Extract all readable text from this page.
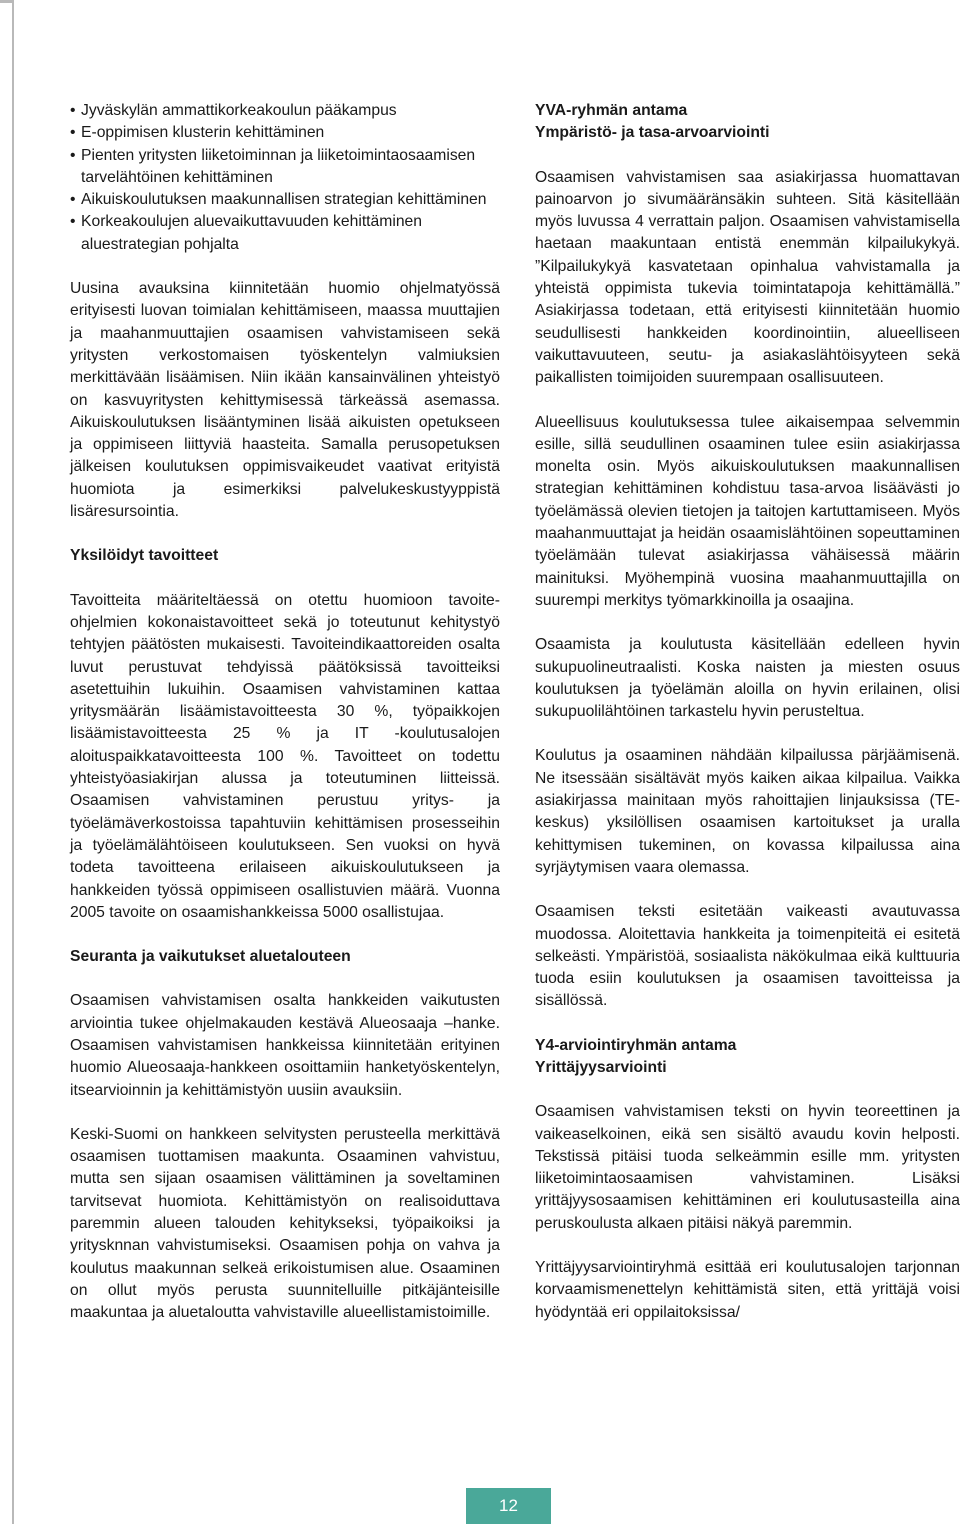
• Jyväskylän ammattikorkeakoulun pääkampus
• E-oppimisen klusterin kehittäminen
• Pienten yritysten liiketoiminnan ja liiketoimintaosaamisen tarvelähtöinen kehittäminen
• Aikuiskoulutuksen maakunnallisen strategian kehittäminen
• Korkeakoulujen aluevaikuttavuuden kehittäminen aluestrategian pohjalta

Uusina avauksina kiinnitetään huomio ohjelmatyössä erityisesti luovan toimialan kehittämiseen, maassa muuttajien ja maahanmuuttajien osaamisen vahvistamiseen sekä yritysten verkostomaisen työskentelyn valmiuksien merkittävään lisäämisen. Niin ikään kansainvälinen yhteistyö on kasvuyritysten kehittymisessä tärkeässä asemassa. Aikuiskoulutuksen lisääntyminen lisää aikuisten opetukseen ja oppimiseen liittyviä haasteita. Samalla perusopetuksen jälkeisen koulutuksen oppimisvaikeudet vaativat erityistä huomiota ja esimerkiksi palvelukeskustyyppistä lisäresursointia.

Yksilöidyt tavoitteet

Tavoitteita määriteltäessä on otettu huomioon tavoite-ohjelmien kokonaistavoitteet sekä jo toteutunut kehitystyö tehtyjen päätösten mukaisesti. Tavoiteindikaattoreiden osalta luvut perustuvat tehdyissä päätöksissä tavoitteiksi asetettuihin lukuihin. Osaamisen vahvistaminen kattaa yritysmäärän lisäämistavoitteesta 30 %, työpaikkojen lisäämistavoitteesta 25 % ja IT -koulutusalojen aloituspaikkatavoitteesta 100 %. Tavoitteet on todettu yhteistyöasiakirjan alussa ja toteutuminen liitteissä. Osaamisen vahvistaminen perustuu yritys- ja työelämäverkostoissa tapahtuviin kehittämisen prosesseihin ja työelämälähtöiseen koulutukseen. Sen vuoksi on hyvä todeta tavoitteena erilaiseen aikuiskoulutukseen ja hankkeiden työssä oppimiseen osallistuvien määrä. Vuonna 2005 tavoite on osaamishankkeissa 5000 osallistujaa.

Seuranta ja vaikutukset aluetalouteen

Osaamisen vahvistamisen osalta hankkeiden vaikutusten arviointia tukee ohjelmakauden kestävä Alueosaaja –hanke. Osaamisen vahvistamisen hankkeissa kiinnitetään erityinen huomio Alueosaaja-hankkeen osoittamiin hanketyöskentelyn, itsearvioinnin ja kehittämistyön uusiin avauksiin.

Keski-Suomi on hankkeen selvitysten perusteella merkittävä osaamisen tuottamisen maakunta. Osaaminen vahvistuu, mutta sen sijaan osaamisen välittäminen ja soveltaminen tarvitsevat huomiota. Kehittämistyön on realisoiduttava paremmin alueen talouden kehitykseksi, työpaikoiksi ja yritysknnan vahvistumiseksi. Osaamisen pohja on vahva ja koulutus maakunnan selkeä erikoistumisen alue. Osaaminen on ollut myös perusta suunnitelluille pitkäjänteisille maakuntaa ja aluetaloutta vahvistaville alueellistamistoimille.

YVA-ryhmän antama
Ympäristö- ja tasa-arvoarviointi

Osaamisen vahvistamisen saa asiakirjassa huomattavan painoarvon jo sivumääränsäkin suhteen. Sitä käsitellään myös luvussa 4 verrattain paljon. Osaamisen vahvistamisella haetaan maakuntaan entistä enemmän kilpailukykyä. ”Kilpailukykyä kasvatetaan opinhalua vahvistamalla ja yhteistä oppimista tukevia toimintatapoja kehittämällä.” Asiakirjassa todetaan, että erityisesti kiinnitetään huomio seudullisesti hankkeiden koordinointiin, alueelliseen vaikuttavuuteen, seutu- ja asiakaslähtöisyyteen sekä paikallisten toimijoiden suurempaan osallisuuteen.

Alueellisuus koulutuksessa tulee aikaisempaa selvemmin esille, sillä seudullinen osaaminen tulee esiin asiakirjassa monelta osin. Myös aikuiskoulutuksen maakunnallisen strategian kehittäminen kohdistuu tasa-arvoa lisäävästi jo työelämässä olevien tietojen ja taitojen kartuttamiseen. Myös maahanmuuttajat ja heidän osaamislähtöinen sopeuttaminen työelämään tulevat asiakirjassa vähäisessä määrin mainituksi. Myöhempinä vuosina maahanmuuttajilla on suurempi merkitys työmarkkinoilla ja osaajina.

Osaamista ja koulutusta käsitellään edelleen hyvin sukupuolineutraalisti. Koska naisten ja miesten osuus koulutuksen ja työelämän aloilla on hyvin erilainen, olisi sukupuolilähtöinen tarkastelu hyvin perusteltua.

Koulutus ja osaaminen nähdään kilpailussa pärjäämisenä. Ne itsessään sisältävät myös kaiken aikaa kilpailua. Vaikka asiakirjassa mainitaan myös rahoittajien linjauksissa (TE-keskus) yksilöllisen osaamisen kartoitukset ja uralla kehittymisen tukeminen, on kovassa kilpailussa aina syrjäytymisen vaara olemassa.

Osaamisen teksti esitetään vaikeasti avautuvassa muodossa. Aloitettavia hankkeita ja toimenpiteitä ei esitetä selkeästi. Ympäristöä, sosiaalista näkökulmaa eikä kulttuuria tuoda esiin koulutuksen ja osaamisen tavoitteissa ja sisällössä.

Y4-arviointiryhmän antama
Yrittäjyysarviointi

Osaamisen vahvistamisen teksti on hyvin teoreettinen ja vaikeaselkoinen, eikä sen sisältö avaudu kovin helposti. Tekstissä pitäisi tuoda selkeämmin esille mm. yritysten liiketoimintaosaamisen vahvistaminen. Lisäksi yrittäjyysosaamisen kehittäminen eri koulutusasteilla aina peruskoulusta alkaen pitäisi näkyä paremmin.

Yrittäjyysarviointiryhmä esittää eri koulutusalojen tarjonnan korvaamismenettelyn kehittämistä siten, että yrittäjä voisi hyödyntää eri oppilaitoksissa/

12
